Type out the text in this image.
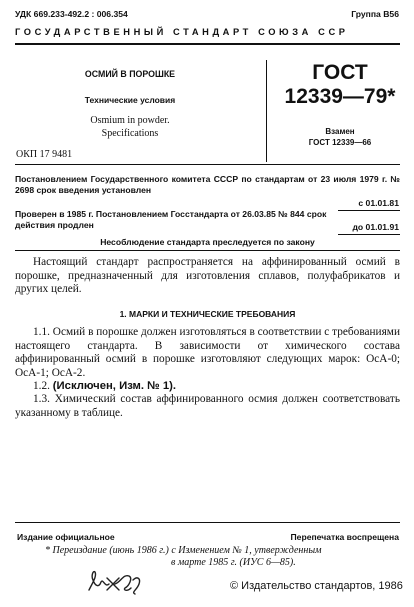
УДК 669.233-492.2 : 006.354	Группа В56
ГОСУДАРСТВЕННЫЙ СТАНДАРТ СОЮЗА ССР
ОСМИЙ В ПОРОШКЕ
Технические условия
Osmium in powder.
Specifications
ГОСТ
12339—79*
Взамен
ГОСТ 12339—66
ОКП 17 9481
Постановлением Государственного комитета СССР по стандартам от 23 июля 1979 г. № 2698 срок введения установлен
с 01.01.81
Проверен в 1985 г. Постановлением Госстандарта от 26.03.85 № 844 срок действия продлен	до 01.01.91
Несоблюдение стандарта преследуется по закону
Настоящий стандарт распространяется на аффинированный осмий в порошке, предназначенный для изготовления сплавов, полуфабрикатов и других целей.
1. МАРКИ И ТЕХНИЧЕСКИЕ ТРЕБОВАНИЯ
1.1. Осмий в порошке должен изготовляться в соответствии с требованиями настоящего стандарта. В зависимости от химического состава аффинированный осмий в порошке изготовляют следующих марок: ОсА-0; ОсА-1; ОсА-2.
1.2. (Исключен, Изм. № 1).
1.3. Химический состав аффинированного осмия должен соответствовать указанному в таблице.
Издание официальное	Перепечатка воспрещена
* Переиздание (июнь 1986 г.) с Изменением № 1, утвержденным
в марте 1985 г. (ИУС 6—85).
© Издательство стандартов, 1986
